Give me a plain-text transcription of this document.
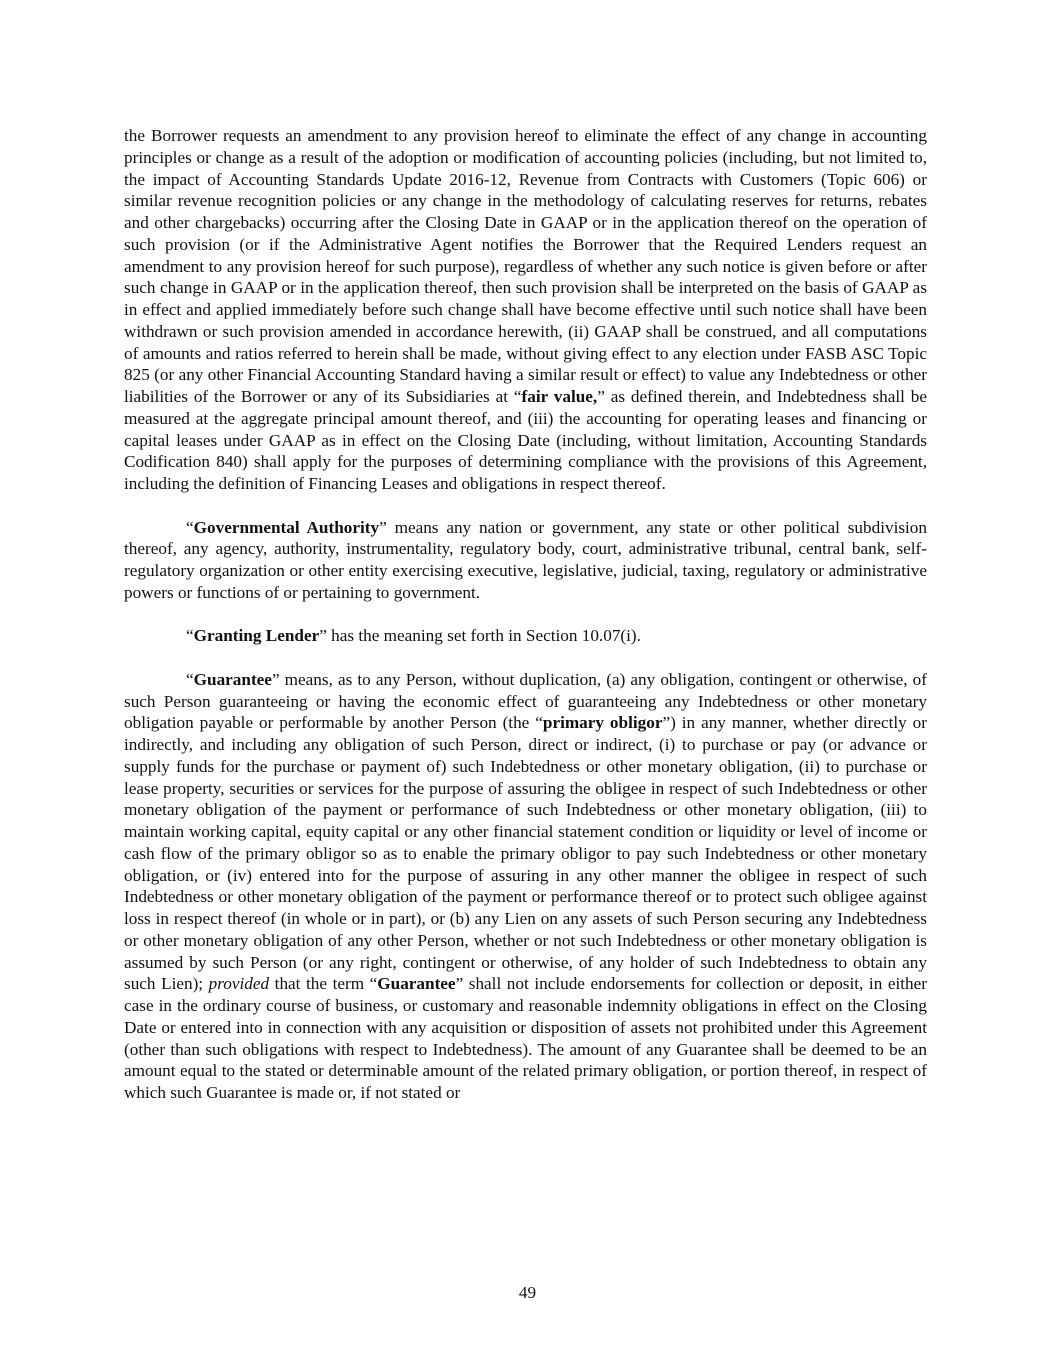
the Borrower requests an amendment to any provision hereof to eliminate the effect of any change in accounting principles or change as a result of the adoption or modification of accounting policies (including, but not limited to, the impact of Accounting Standards Update 2016-12, Revenue from Contracts with Customers (Topic 606) or similar revenue recognition policies or any change in the methodology of calculating reserves for returns, rebates and other chargebacks) occurring after the Closing Date in GAAP or in the application thereof on the operation of such provision (or if the Administrative Agent notifies the Borrower that the Required Lenders request an amendment to any provision hereof for such purpose), regardless of whether any such notice is given before or after such change in GAAP or in the application thereof, then such provision shall be interpreted on the basis of GAAP as in effect and applied immediately before such change shall have become effective until such notice shall have been withdrawn or such provision amended in accordance herewith, (ii) GAAP shall be construed, and all computations of amounts and ratios referred to herein shall be made, without giving effect to any election under FASB ASC Topic 825 (or any other Financial Accounting Standard having a similar result or effect) to value any Indebtedness or other liabilities of the Borrower or any of its Subsidiaries at “fair value,” as defined therein, and Indebtedness shall be measured at the aggregate principal amount thereof, and (iii) the accounting for operating leases and financing or capital leases under GAAP as in effect on the Closing Date (including, without limitation, Accounting Standards Codification 840) shall apply for the purposes of determining compliance with the provisions of this Agreement, including the definition of Financing Leases and obligations in respect thereof.

“Governmental Authority” means any nation or government, any state or other political subdivision thereof, any agency, authority, instrumentality, regulatory body, court, administrative tribunal, central bank, self-regulatory organization or other entity exercising executive, legislative, judicial, taxing, regulatory or administrative powers or functions of or pertaining to government.

“Granting Lender” has the meaning set forth in Section 10.07(i).

“Guarantee” means, as to any Person, without duplication, (a) any obligation, contingent or otherwise, of such Person guaranteeing or having the economic effect of guaranteeing any Indebtedness or other monetary obligation payable or performable by another Person (the “primary obligor”) in any manner, whether directly or indirectly, and including any obligation of such Person, direct or indirect, (i) to purchase or pay (or advance or supply funds for the purchase or payment of) such Indebtedness or other monetary obligation, (ii) to purchase or lease property, securities or services for the purpose of assuring the obligee in respect of such Indebtedness or other monetary obligation of the payment or performance of such Indebtedness or other monetary obligation, (iii) to maintain working capital, equity capital or any other financial statement condition or liquidity or level of income or cash flow of the primary obligor so as to enable the primary obligor to pay such Indebtedness or other monetary obligation, or (iv) entered into for the purpose of assuring in any other manner the obligee in respect of such Indebtedness or other monetary obligation of the payment or performance thereof or to protect such obligee against loss in respect thereof (in whole or in part), or (b) any Lien on any assets of such Person securing any Indebtedness or other monetary obligation of any other Person, whether or not such Indebtedness or other monetary obligation is assumed by such Person (or any right, contingent or otherwise, of any holder of such Indebtedness to obtain any such Lien); provided that the term “Guarantee” shall not include endorsements for collection or deposit, in either case in the ordinary course of business, or customary and reasonable indemnity obligations in effect on the Closing Date or entered into in connection with any acquisition or disposition of assets not prohibited under this Agreement (other than such obligations with respect to Indebtedness). The amount of any Guarantee shall be deemed to be an amount equal to the stated or determinable amount of the related primary obligation, or portion thereof, in respect of which such Guarantee is made or, if not stated or

49
